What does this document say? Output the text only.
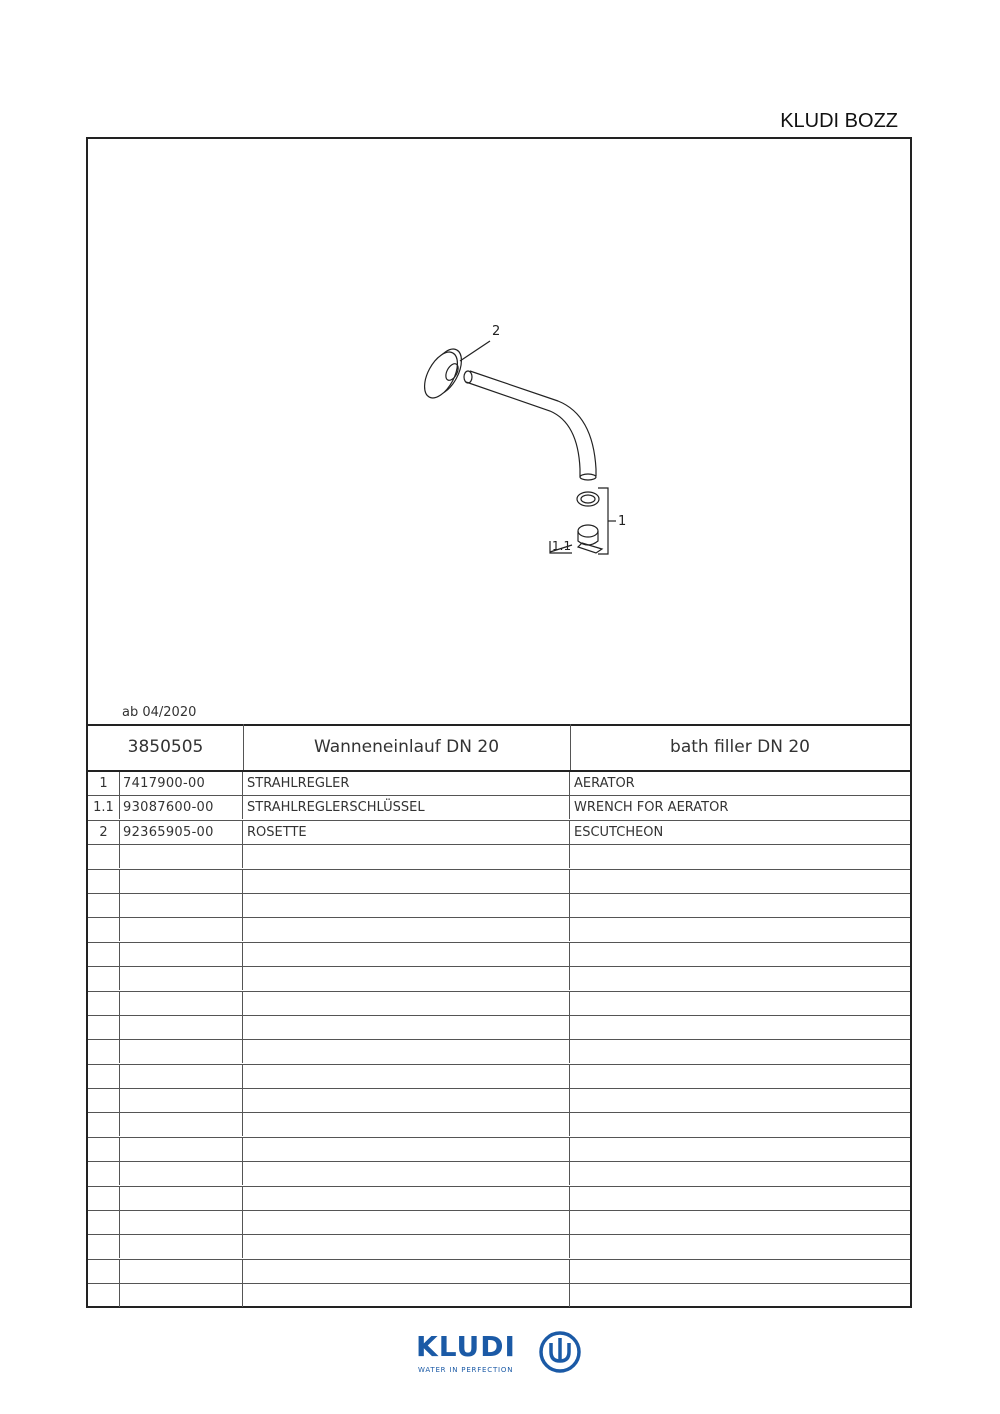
KLUDI BOZZ
2
1
1.1
ab 04/2020
3850505	Wanneneinlauf DN 20	bath filler DN 20
1	7417900-00	STRAHLREGLER	AERATOR
1.1 93087600-00	STRAHLREGLERSCHLÜSSEL	WRENCH FOR AERATOR
2	92365905-00	ROSETTE	ESCUTCHEON
KLUDI
WATER IN PERFECTION
